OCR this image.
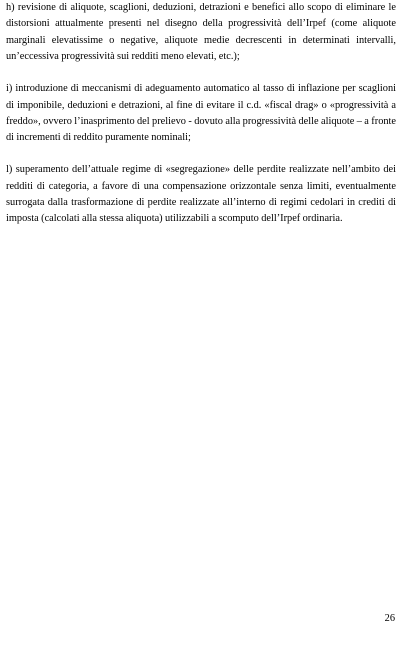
h) revisione di aliquote, scaglioni, deduzioni, detrazioni e benefici allo scopo di eliminare le distorsioni attualmente presenti nel disegno della progressività dell’Irpef (come aliquote marginali elevatissime o negative, aliquote medie decrescenti in determinati intervalli, un’eccessiva progressività sui redditi meno elevati, etc.);

i) introduzione di meccanismi di adeguamento automatico al tasso di inflazione per scaglioni di imponibile, deduzioni e detrazioni, al fine di evitare il c.d. «fiscal drag» o «progressività a freddo», ovvero l’inasprimento del prelievo - dovuto alla progressività delle aliquote – a fronte di incrementi di reddito puramente nominali;

l) superamento dell’attuale regime di «segregazione» delle perdite realizzate nell’ambito dei redditi di categoria, a favore di una compensazione orizzontale senza limiti, eventualmente surrogata dalla trasformazione di perdite realizzate all’interno di regimi cedolari in crediti di imposta (calcolati alla stessa aliquota) utilizzabili a scomputo dell’Irpef ordinaria.

26
